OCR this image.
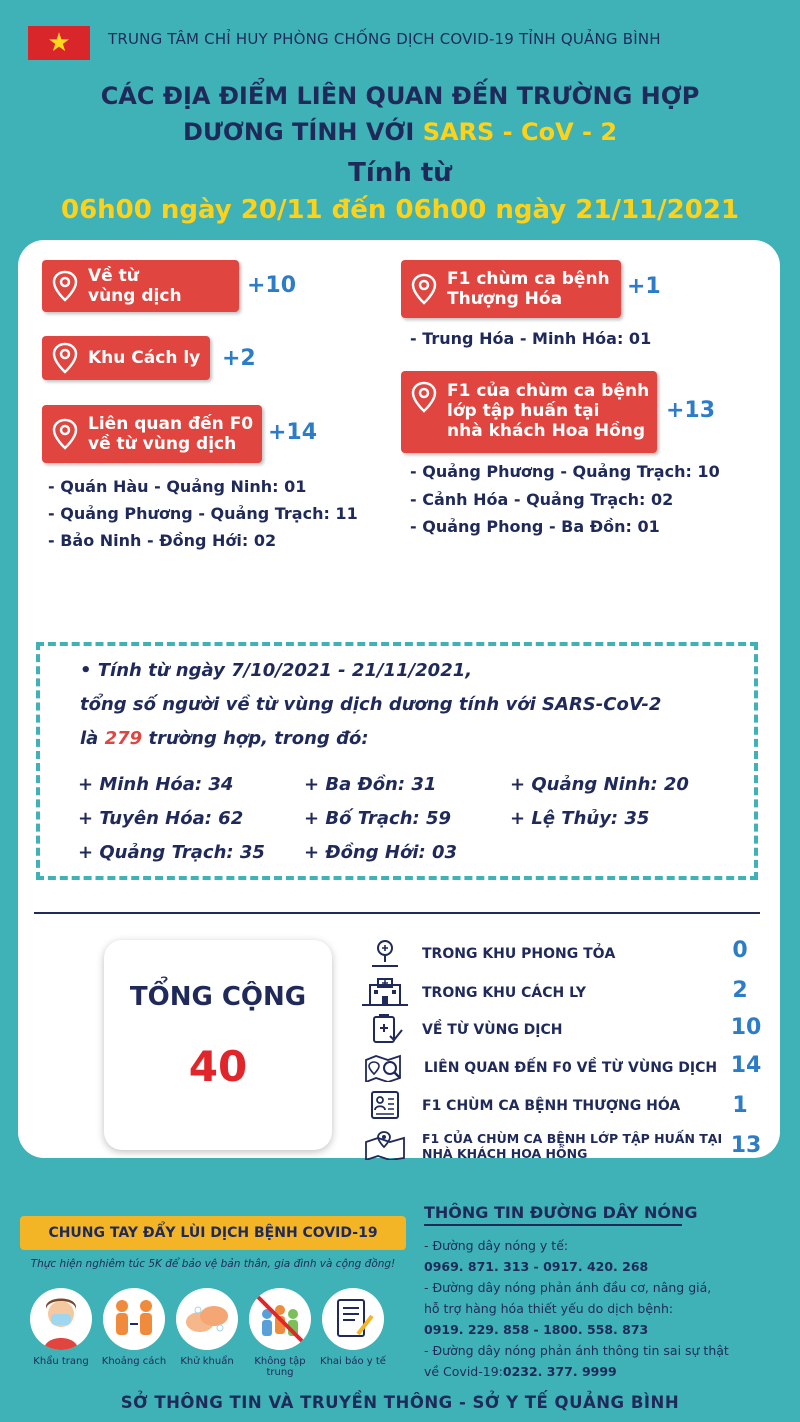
★	TRUNG TÂM CHỈ HUY PHÒNG CHỐNG DỊCH COVID-19 TỈNH QUẢNG BÌNH
CÁC ĐỊA ĐIỂM LIÊN QUAN ĐẾN TRƯỜNG HỢP
DƯƠNG TÍNH VỚI SARS - CoV - 2
Tính từ
06h00 ngày 20/11 đến 06h00 ngày 21/11/2021
Về từ
vùng dịch	+10
Khu Cách ly +2
Liên quan đến F0
về từ vùng dịch	+14
- Quán Hàu - Quảng Ninh: 01
- Quảng Phương - Quảng Trạch: 11
- Bảo Ninh - Đồng Hới: 02
F1 chùm ca bệnh
Thượng Hóa	+1
- Trung Hóa - Minh Hóa: 01
F1 của chùm ca bệnh
lớp tập huấn tại
nhà khách Hoa Hồng
+13
- Quảng Phương - Quảng Trạch: 10
- Cảnh Hóa - Quảng Trạch: 02
- Quảng Phong - Ba Đồn: 01
• Tính từ ngày 7/10/2021 - 21/11/2021,
tổng số người về từ vùng dịch dương tính với SARS-CoV-2
là 279 trường hợp, trong đó:
+ Minh Hóa: 34	+ Ba Đồn: 31	+ Quảng Ninh: 20
+ Tuyên Hóa: 62	+ Bố Trạch: 59	+ Lệ Thủy: 35
+ Quảng Trạch: 35 + Đồng Hới: 03
TỔNG CỘNG
40
TRONG KHU PHONG TỎA	0
TRONG KHU CÁCH LY	2
VỀ TỪ VÙNG DỊCH	10
LIÊN QUAN ĐẾN F0 VỀ TỪ VÙNG DỊCH 14
F1 CHÙM CA BỆNH THƯỢNG HÓA	1
F1 CỦA CHÙM CA BỆNH LỚP TẬP HUẤN TẠI
NHÀ KHÁCH HOA HỒNG	13
CHUNG TAY ĐẨY LÙI DỊCH BỆNH COVID-19
Thực hiện nghiêm túc 5K để bảo vệ bản thân, gia đình và cộng đồng!
Khẩu trang	Khoảng cách	Khử khuẩn	Không tập trung
Khai báo y tế
THÔNG TIN ĐƯỜNG DÂY NÓNG
- Đường dây nóng y tế:
0969. 871. 313 - 0917. 420. 268
- Đường dây nóng phản ánh đầu cơ, nâng giá,
hỗ trợ hàng hóa thiết yếu do dịch bệnh:
0919. 229. 858 - 1800. 558. 873
- Đường dây nóng phản ánh thông tin sai sự thật
về Covid-19:0232. 377. 9999
SỞ THÔNG TIN VÀ TRUYỀN THÔNG - SỞ Y TẾ QUẢNG BÌNH
